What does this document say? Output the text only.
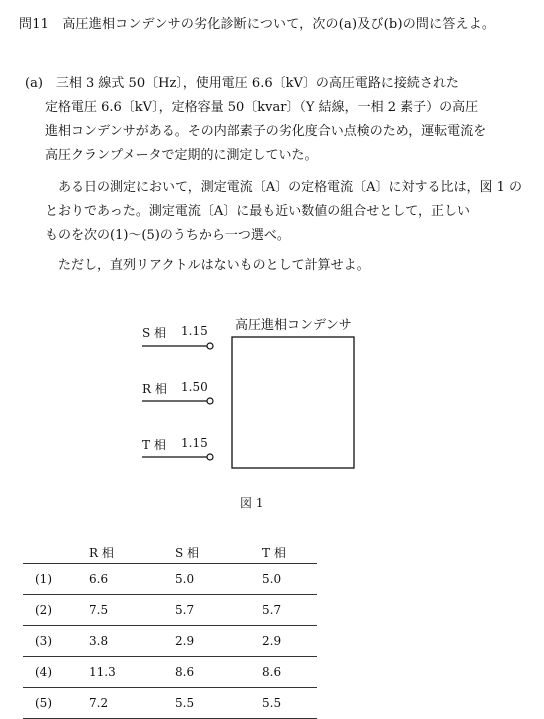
問11　高圧進相コンデンサの劣化診断について，次の(a)及び(b)の問に答えよ。
(a)　三相 3 線式 50〔Hz〕，使用電圧 6.6〔kV〕の高圧電路に接続された
定格電圧 6.6〔kV〕，定格容量 50〔kvar〕（Y 結線，一相 2 素子）の高圧
進相コンデンサがある。その内部素子の劣化度合い点検のため，運転電流を
高圧クランプメータで定期的に測定していた。
ある日の測定において，測定電流〔A〕の定格電流〔A〕に対する比は，図 1 の
とおりであった。測定電流〔A〕に最も近い数値の組合せとして，正しい
ものを次の(1)～(5)のうちから一つ選べ。
ただし，直列リアクトルはないものとして計算せよ。
高圧進相コンデンサ
S 相 1.15
R 相 1.50
T 相 1.15
図 1
	R 相	S 相	T 相
(1)	6.6	5.0	5.0
(2)	7.5	5.7	5.7
(3)	3.8	2.9	2.9
(4)	11.3	8.6	8.6
(5)	7.2	5.5	5.5
